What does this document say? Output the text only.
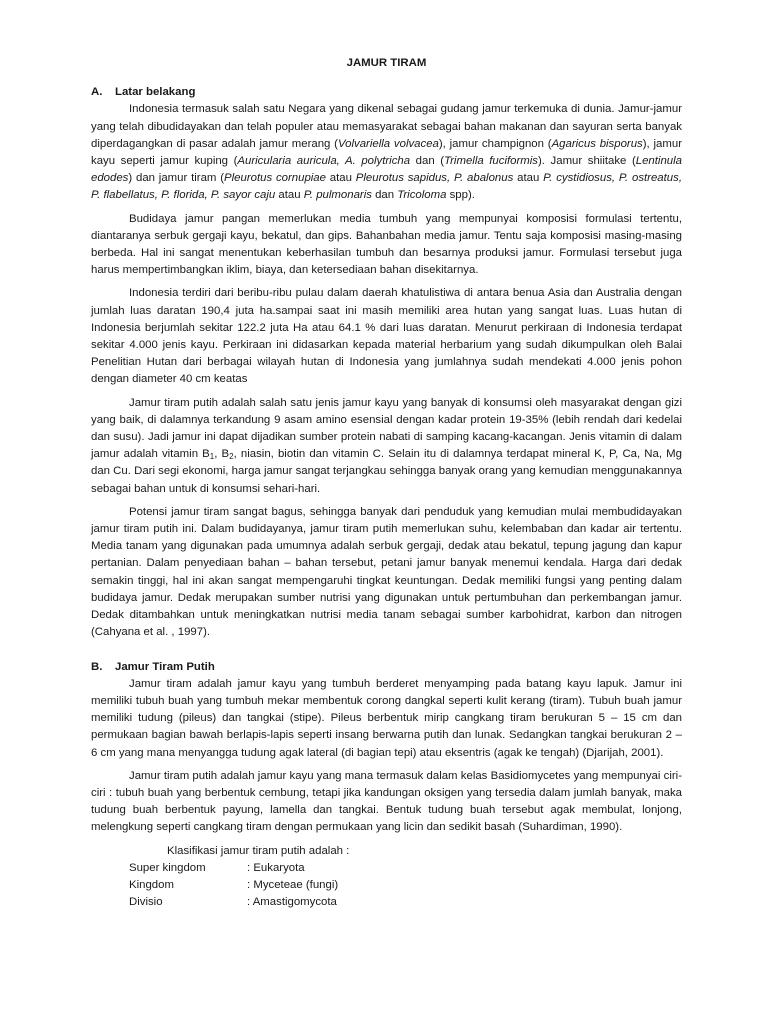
JAMUR TIRAM
A.	Latar belakang

Indonesia termasuk salah satu Negara yang dikenal sebagai gudang jamur terkemuka di dunia. Jamur-jamur yang telah dibudidayakan dan telah populer atau memasyarakat sebagai bahan makanan dan sayuran serta banyak diperdagangkan di pasar adalah jamur merang (Volvariella volvacea), jamur champignon (Agaricus bisporus), jamur kayu seperti jamur kuping (Auricularia auricula, A. polytricha dan (Trimella fuciformis). Jamur shiitake (Lentinula edodes) dan jamur tiram (Pleurotus cornupiae atau Pleurotus sapidus, P. abalonus atau P. cystidiosus, P. ostreatus, P. flabellatus, P. florida, P. sayor caju atau P. pulmonaris dan Tricoloma spp).

Budidaya jamur pangan memerlukan media tumbuh yang mempunyai komposisi formulasi tertentu, diantaranya serbuk gergaji kayu, bekatul, dan gips. Bahanbahan media jamur. Tentu saja komposisi masing-masing berbeda. Hal ini sangat menentukan keberhasilan tumbuh dan besarnya produksi jamur. Formulasi tersebut juga harus mempertimbangkan iklim, biaya, dan ketersediaan bahan disekitarnya.

Indonesia terdiri dari beribu-ribu pulau dalam daerah khatulistiwa di antara benua Asia dan Australia dengan jumlah luas daratan 190,4 juta ha.sampai saat ini masih memiliki area hutan yang sangat luas. Luas hutan di Indonesia berjumlah sekitar 122.2 juta Ha atau 64.1 % dari luas daratan. Menurut perkiraan di Indonesia terdapat sekitar 4.000 jenis kayu. Perkiraan ini didasarkan kepada material herbarium yang sudah dikumpulkan oleh Balai Penelitian Hutan dari berbagai wilayah hutan di Indonesia yang jumlahnya sudah mendekati 4.000 jenis pohon dengan diameter 40 cm keatas

Jamur tiram putih adalah salah satu jenis jamur kayu yang banyak di konsumsi oleh masyarakat dengan gizi yang baik, di dalamnya terkandung 9 asam amino esensial dengan kadar protein 19-35% (lebih rendah dari kedelai dan susu). Jadi jamur ini dapat dijadikan sumber protein nabati di samping kacang-kacangan. Jenis vitamin di dalam jamur adalah vitamin $B_1$, $B_2$, niasin, biotin dan vitamin C. Selain itu di dalamnya terdapat mineral K, P, Ca, Na, Mg dan Cu. Dari segi ekonomi, harga jamur sangat terjangkau sehingga banyak orang yang kemudian menggunakannya sebagai bahan untuk di konsumsi sehari-hari.

Potensi jamur tiram sangat bagus, sehingga banyak dari penduduk yang kemudian mulai membudidayakan jamur tiram putih ini. Dalam budidayanya, jamur tiram putih memerlukan suhu, kelembaban dan kadar air tertentu. Media tanam yang digunakan pada umumnya adalah serbuk gergaji, dedak atau bekatul, tepung jagung dan kapur pertanian. Dalam penyediaan bahan – bahan tersebut, petani jamur banyak menemui kendala. Harga dari dedak semakin tinggi, hal ini akan sangat mempengaruhi tingkat keuntungan. Dedak memiliki fungsi yang penting dalam budidaya jamur. Dedak merupakan sumber nutrisi yang digunakan untuk pertumbuhan dan perkembangan jamur. Dedak ditambahkan untuk meningkatkan nutrisi media tanam sebagai sumber karbohidrat, karbon dan nitrogen (Cahyana et al. , 1997).

B.	Jamur Tiram Putih

Jamur tiram adalah jamur kayu yang tumbuh berderet menyamping pada batang kayu lapuk. Jamur ini memiliki tubuh buah yang tumbuh mekar membentuk corong dangkal seperti kulit kerang (tiram). Tubuh buah jamur memiliki tudung (pileus) dan tangkai (stipe). Pileus berbentuk mirip cangkang tiram berukuran 5 – 15 cm dan permukaan bagian bawah berlapis-lapis seperti insang berwarna putih dan lunak. Sedangkan tangkai berukuran 2 – 6 cm yang mana menyangga tudung agak lateral (di bagian tepi) atau eksentris (agak ke tengah) (Djarijah, 2001).

Jamur tiram putih adalah jamur kayu yang mana termasuk dalam kelas Basidiomycetes yang mempunyai ciri-ciri : tubuh buah yang berbentuk cembung, tetapi jika kandungan oksigen yang tersedia dalam jumlah banyak, maka tudung buah berbentuk payung, lamella dan tangkai. Bentuk tudung buah tersebut agak membulat, lonjong, melengkung seperti cangkang tiram dengan permukaan yang licin dan sedikit basah (Suhardiman, 1990).

Klasifikasi jamur tiram putih adalah :

Super kingdom	: Eukaryota
Kingdom	: Myceteae (fungi)
Divisio	: Amastigomycota
